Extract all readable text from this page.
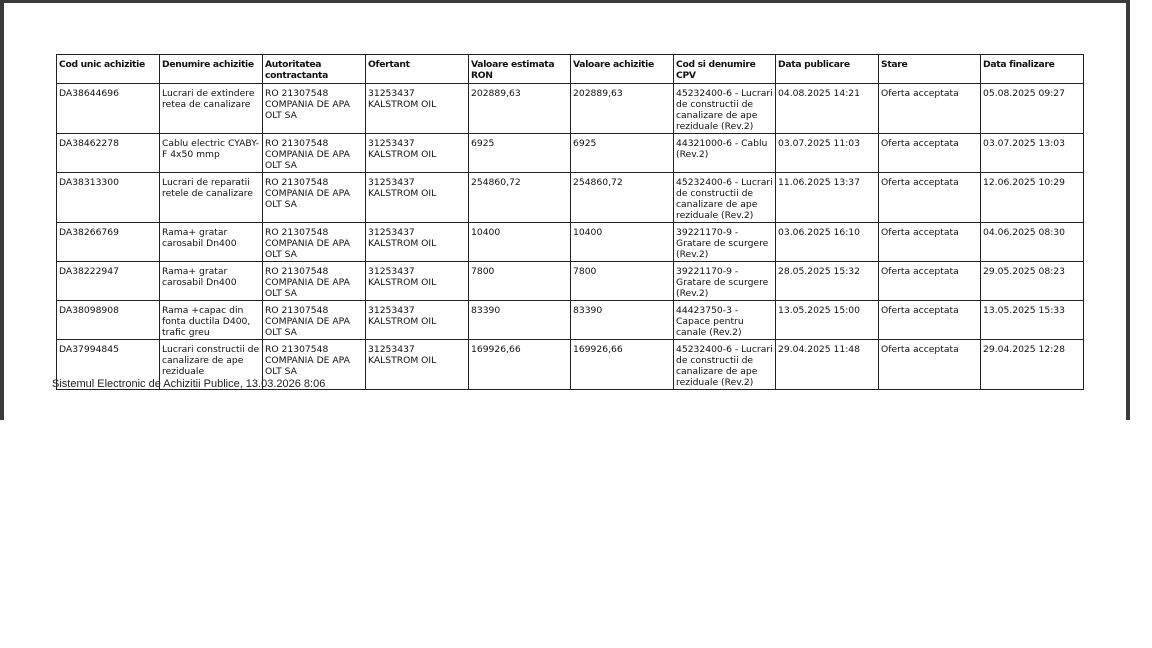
Cod unic achizitie	Denumire achizitie	Autoritatea contractanta	Ofertant	Valoare estimata RON	Valoare achizitie	Cod si denumire CPV	Data publicare	Stare	Data finalizare
DA38644696	Lucrari de extindere retea de canalizare	RO 21307548 COMPANIA DE APA OLT SA	31253437 KALSTROM OIL	202889,63	202889,63	45232400-6 - Lucrari de constructii de canalizare de ape reziduale (Rev.2)	04.08.2025 14:21	Oferta acceptata	05.08.2025 09:27
DA38462278	Cablu electric CYABY-F 4x50 mmp	RO 21307548 COMPANIA DE APA OLT SA	31253437 KALSTROM OIL	6925	6925	44321000-6 - Cablu (Rev.2)	03.07.2025 11:03	Oferta acceptata	03.07.2025 13:03
DA38313300	Lucrari de reparatii retele de canalizare	RO 21307548 COMPANIA DE APA OLT SA	31253437 KALSTROM OIL	254860,72	254860,72	45232400-6 - Lucrari de constructii de canalizare de ape reziduale (Rev.2)	11.06.2025 13:37	Oferta acceptata	12.06.2025 10:29
DA38266769	Rama+ gratar carosabil Dn400	RO 21307548 COMPANIA DE APA OLT SA	31253437 KALSTROM OIL	10400	10400	39221170-9 - Gratare de scurgere (Rev.2)	03.06.2025 16:10	Oferta acceptata	04.06.2025 08:30
DA38222947	Rama+ gratar carosabil Dn400	RO 21307548 COMPANIA DE APA OLT SA	31253437 KALSTROM OIL	7800	7800	39221170-9 - Gratare de scurgere (Rev.2)	28.05.2025 15:32	Oferta acceptata	29.05.2025 08:23
DA38098908	Rama +capac din fonta ductila D400, trafic greu	RO 21307548 COMPANIA DE APA OLT SA	31253437 KALSTROM OIL	83390	83390	44423750-3 - Capace pentru canale (Rev.2)	13.05.2025 15:00	Oferta acceptata	13.05.2025 15:33
DA37994845	Lucrari constructii de canalizare de ape reziduale	RO 21307548 COMPANIA DE APA OLT SA	31253437 KALSTROM OIL	169926,66	169926,66	45232400-6 - Lucrari de constructii de canalizare de ape reziduale (Rev.2)	29.04.2025 11:48	Oferta acceptata	29.04.2025 12:28
Sistemul Electronic de Achizitii Publice, 13.03.2026 8:06
